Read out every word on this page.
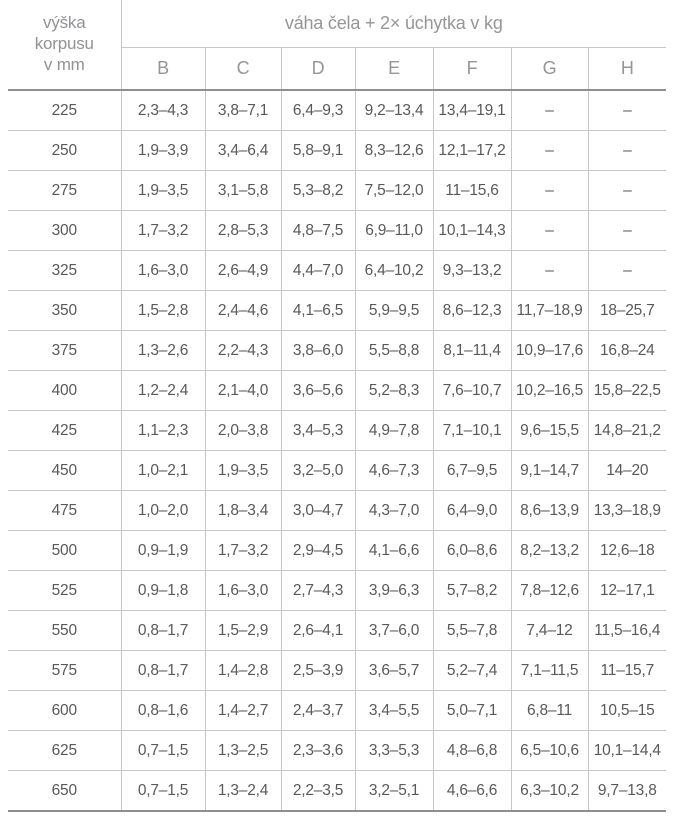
výška
korpusu
v mm	váha čela + 2× úchytka v kg						
	B	C	D	E	F	G	H
225	2,3–4,3	3,8–7,1	6,4–9,3	9,2–13,4	13,4–19,1	–	–
250	1,9–3,9	3,4–6,4	5,8–9,1	8,3–12,6	12,1–17,2	–	–
275	1,9–3,5	3,1–5,8	5,3–8,2	7,5–12,0	11–15,6	–	–
300	1,7–3,2	2,8–5,3	4,8–7,5	6,9–11,0	10,1–14,3	–	–
325	1,6–3,0	2,6–4,9	4,4–7,0	6,4–10,2	9,3–13,2	–	–
350	1,5–2,8	2,4–4,6	4,1–6,5	5,9–9,5	8,6–12,3	11,7–18,9	18–25,7
375	1,3–2,6	2,2–4,3	3,8–6,0	5,5–8,8	8,1–11,4	10,9–17,6	16,8–24
400	1,2–2,4	2,1–4,0	3,6–5,6	5,2–8,3	7,6–10,7	10,2–16,5	15,8–22,5
425	1,1–2,3	2,0–3,8	3,4–5,3	4,9–7,8	7,1–10,1	9,6–15,5	14,8–21,2
450	1,0–2,1	1,9–3,5	3,2–5,0	4,6–7,3	6,7–9,5	9,1–14,7	14–20
475	1,0–2,0	1,8–3,4	3,0–4,7	4,3–7,0	6,4–9,0	8,6–13,9	13,3–18,9
500	0,9–1,9	1,7–3,2	2,9–4,5	4,1–6,6	6,0–8,6	8,2–13,2	12,6–18
525	0,9–1,8	1,6–3,0	2,7–4,3	3,9–6,3	5,7–8,2	7,8–12,6	12–17,1
550	0,8–1,7	1,5–2,9	2,6–4,1	3,7–6,0	5,5–7,8	7,4–12	11,5–16,4
575	0,8–1,7	1,4–2,8	2,5–3,9	3,6–5,7	5,2–7,4	7,1–11,5	11–15,7
600	0,8–1,6	1,4–2,7	2,4–3,7	3,4–5,5	5,0–7,1	6,8–11	10,5–15
625	0,7–1,5	1,3–2,5	2,3–3,6	3,3–5,3	4,8–6,8	6,5–10,6	10,1–14,4
650	0,7–1,5	1,3–2,4	2,2–3,5	3,2–5,1	4,6–6,6	6,3–10,2	9,7–13,8
